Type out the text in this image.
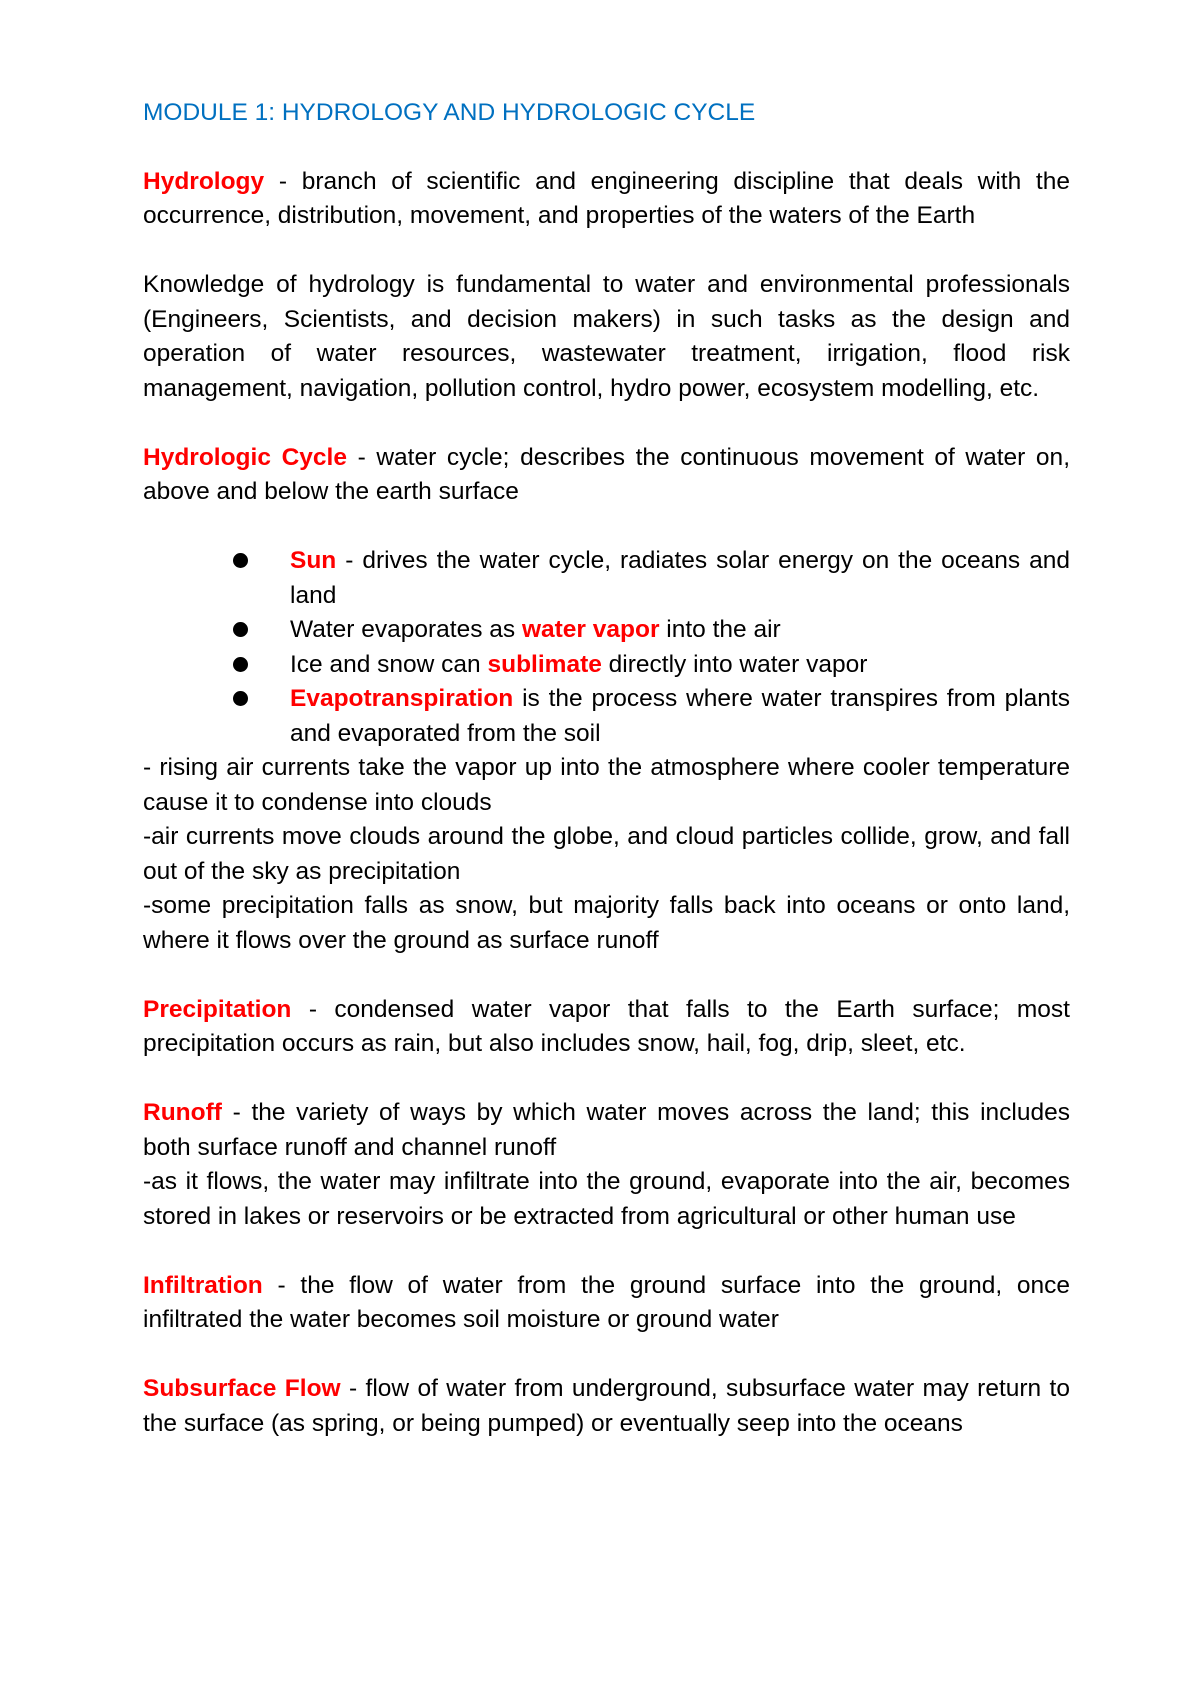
MODULE 1: HYDROLOGY AND HYDROLOGIC CYCLE

Hydrology - branch of scientific and engineering discipline that deals with the occurrence, distribution, movement, and properties of the waters of the Earth

Knowledge of hydrology is fundamental to water and environmental professionals (Engineers, Scientists, and decision makers) in such tasks as the design and operation of water resources, wastewater treatment, irrigation, flood risk management, navigation, pollution control, hydro power, ecosystem modelling, etc.

Hydrologic Cycle - water cycle; describes the continuous movement of water on, above and below the earth surface

Sun - drives the water cycle, radiates solar energy on the oceans and land
Water evaporates as water vapor into the air
Ice and snow can sublimate directly into water vapor
Evapotranspiration is the process where water transpires from plants and evaporated from the soil

- rising air currents take the vapor up into the atmosphere where cooler temperature cause it to condense into clouds

-air currents move clouds around the globe, and cloud particles collide, grow, and fall out of the sky as precipitation

-some precipitation falls as snow, but majority falls back into oceans or onto land, where it flows over the ground as surface runoff

Precipitation - condensed water vapor that falls to the Earth surface; most precipitation occurs as rain, but also includes snow, hail, fog, drip, sleet, etc.

Runoff - the variety of ways by which water moves across the land; this includes both surface runoff and channel runoff

-as it flows, the water may infiltrate into the ground, evaporate into the air, becomes stored in lakes or reservoirs or be extracted from agricultural or other human use

Infiltration - the flow of water from the ground surface into the ground, once infiltrated the water becomes soil moisture or ground water

Subsurface Flow - flow of water from underground, subsurface water may return to the surface (as spring, or being pumped) or eventually seep into the oceans
